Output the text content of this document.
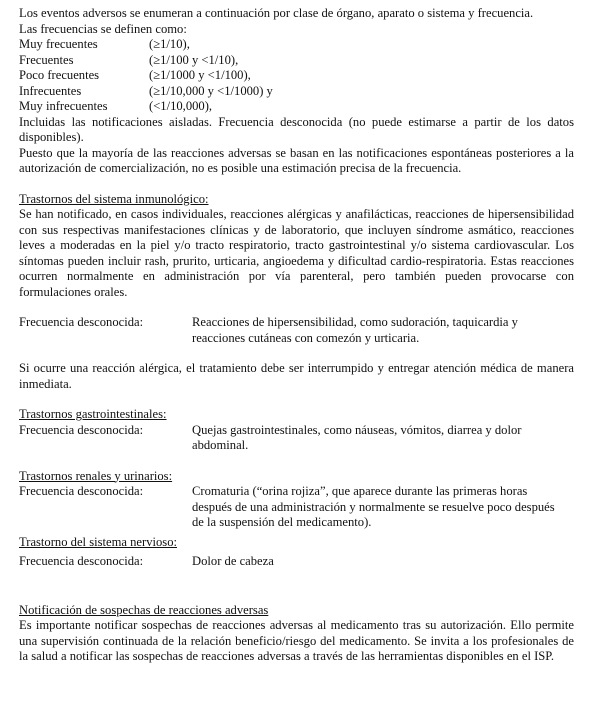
Los eventos adversos se enumeran a continuación por clase de órgano, aparato o sistema y frecuencia.

Las frecuencias se definen como:

Muy frecuentes	(≥1/10),
Frecuentes	(≥1/100 y <1/10),
Poco frecuentes	(≥1/1000 y <1/100),
Infrecuentes	(≥1/10,000 y <1/1000) y
Muy infrecuentes	(<1/10,000),

Incluidas las notificaciones aisladas. Frecuencia desconocida (no puede estimarse a partir de los datos disponibles).

Puesto que la mayoría de las reacciones adversas se basan en las notificaciones espontáneas posteriores a la autorización de comercialización, no es posible una estimación precisa de la frecuencia.

Trastornos del sistema inmunológico:

Se han notificado, en casos individuales, reacciones alérgicas y anafilácticas, reacciones de hipersensibilidad con sus respectivas manifestaciones clínicas y de laboratorio, que incluyen síndrome asmático, reacciones leves a moderadas en la piel y/o tracto respiratorio, tracto gastrointestinal y/o sistema cardiovascular. Los síntomas pueden incluir rash, prurito, urticaria, angioedema y dificultad cardio-respiratoria. Estas reacciones ocurren normalmente en administración por vía parenteral, pero también pueden provocarse con formulaciones orales.

Frecuencia desconocida:	Reacciones de hipersensibilidad, como sudoración, taquicardia y reacciones cutáneas con comezón y urticaria.

Si ocurre una reacción alérgica, el tratamiento debe ser interrumpido y entregar atención médica de manera inmediata.

Trastornos gastrointestinales:

Frecuencia desconocida:	Quejas gastrointestinales, como náuseas, vómitos, diarrea y dolor abdominal.

Trastornos renales y urinarios:

Frecuencia desconocida:	Cromaturia (“orina rojiza”, que aparece durante las primeras horas después de una administración y normalmente se resuelve poco después de la suspensión del medicamento).

Trastorno del sistema nervioso:

Frecuencia desconocida:	Dolor de cabeza

Notificación de sospechas de reacciones adversas

Es importante notificar sospechas de reacciones adversas al medicamento tras su autorización. Ello permite una supervisión continuada de la relación beneficio/riesgo del medicamento. Se invita a los profesionales de la salud a notificar las sospechas de reacciones adversas a través de las herramientas disponibles en el ISP.
